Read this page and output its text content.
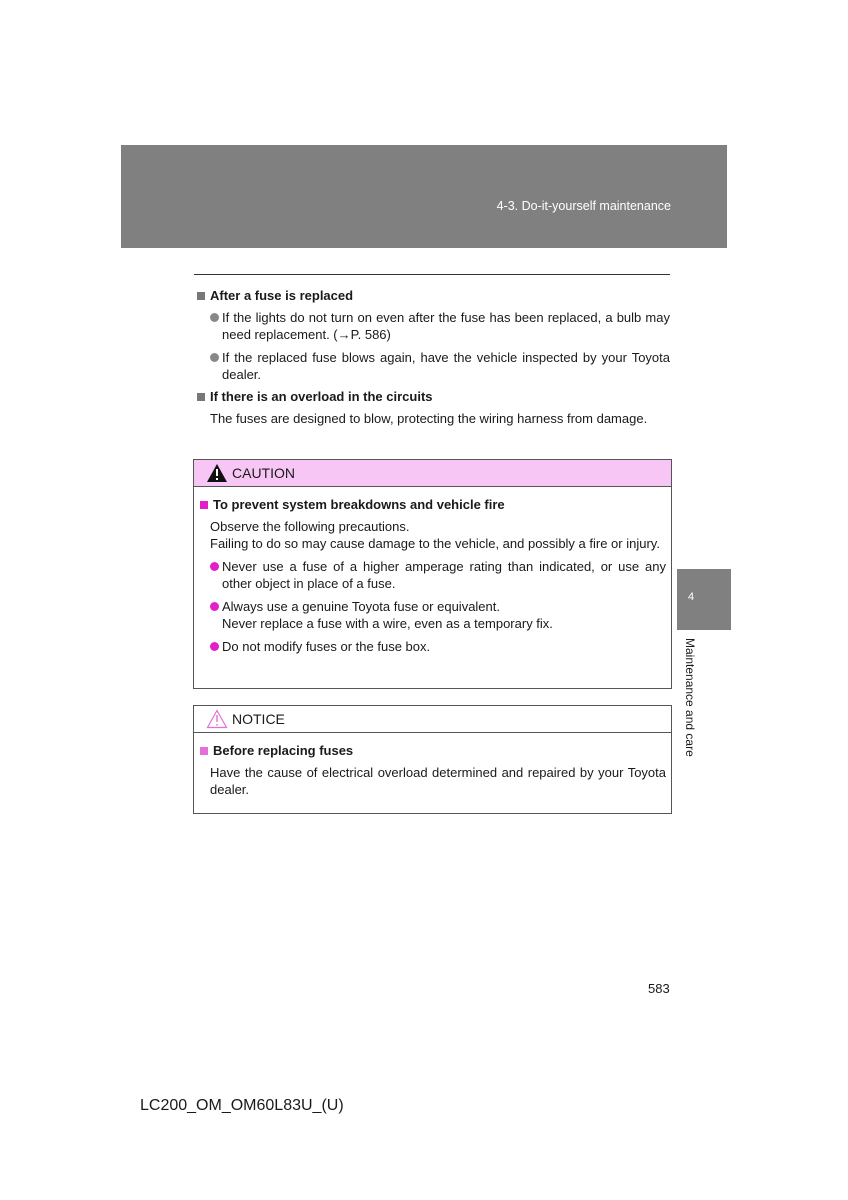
4-3. Do-it-yourself maintenance
After a fuse is replaced
If the lights do not turn on even after the fuse has been replaced, a bulb may need replacement. (→P. 586)
If the replaced fuse blows again, have the vehicle inspected by your Toyota dealer.
If there is an overload in the circuits
The fuses are designed to blow, protecting the wiring harness from damage.
CAUTION
To prevent system breakdowns and vehicle fire
Observe the following precautions.
Failing to do so may cause damage to the vehicle, and possibly a fire or injury.
Never use a fuse of a higher amperage rating than indicated, or use any other object in place of a fuse.
Always use a genuine Toyota fuse or equivalent.
Never replace a fuse with a wire, even as a temporary fix.
Do not modify fuses or the fuse box.
NOTICE
Before replacing fuses
Have the cause of electrical overload determined and repaired by your Toyota dealer.
4
Maintenance and care
583
LC200_OM_OM60L83U_(U)
